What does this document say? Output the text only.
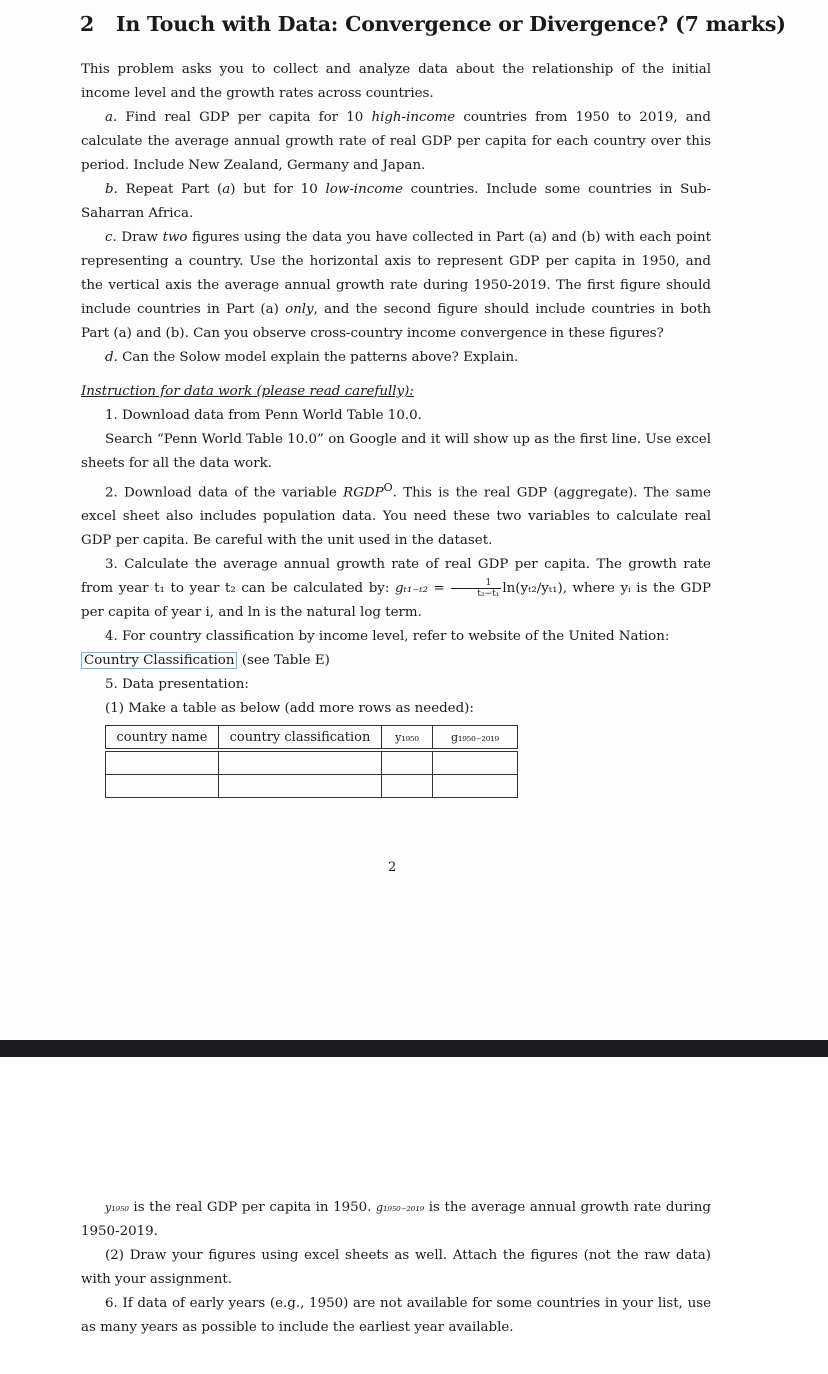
2 In Touch with Data: Convergence or Divergence? (7 marks)

This problem asks you to collect and analyze data about the relationship of the initial income level and the growth rates across countries.

a. Find real GDP per capita for 10 high-income countries from 1950 to 2019, and calculate the average annual growth rate of real GDP per capita for each country over this period. Include New Zealand, Germany and Japan.

b. Repeat Part (a) but for 10 low-income countries. Include some countries in Sub-Saharran Africa.

c. Draw two figures using the data you have collected in Part (a) and (b) with each point representing a country. Use the horizontal axis to represent GDP per capita in 1950, and the vertical axis the average annual growth rate during 1950-2019. The first figure should include countries in Part (a) only, and the second figure should include countries in both Part (a) and (b). Can you observe cross-country income convergence in these figures?

d. Can the Solow model explain the patterns above? Explain.

Instruction for data work (please read carefully):

1. Download data from Penn World Table 10.0.

Search “Penn World Table 10.0” on Google and it will show up as the first line. Use excel sheets for all the data work.

2. Download data of the variable $RGDP^O$. This is the real GDP (aggregate). The same excel sheet also includes population data. You need these two variables to calculate real GDP per capita. Be careful with the unit used in the dataset.

3. Calculate the average annual growth rate of real GDP per capita. The growth rate from year t₁ to year t₂ can be calculated by: $g_{t1-t2} = \frac{1}{\text{t₂−t₁}} \ln(y_{t2}/y_{t1})$, where yᵢ is the GDP per capita of year i, and ln is the natural log term.

4. For country classification by income level, refer to website of the United Nation:

Country Classification (see Table E)

5. Data presentation:

(1) Make a table as below (add more rows as needed):

country name	country classification	y₁₉₅₀	g₁₉₅₀₋₂₀₁₉

2

y₁₉₅₀ is the real GDP per capita in 1950. g₁₉₅₀₋₂₀₁₉ is the average annual growth rate during 1950-2019.

(2) Draw your figures using excel sheets as well. Attach the figures (not the raw data) with your assignment.

6. If data of early years (e.g., 1950) are not available for some countries in your list, use as many years as possible to include the earliest year available.
